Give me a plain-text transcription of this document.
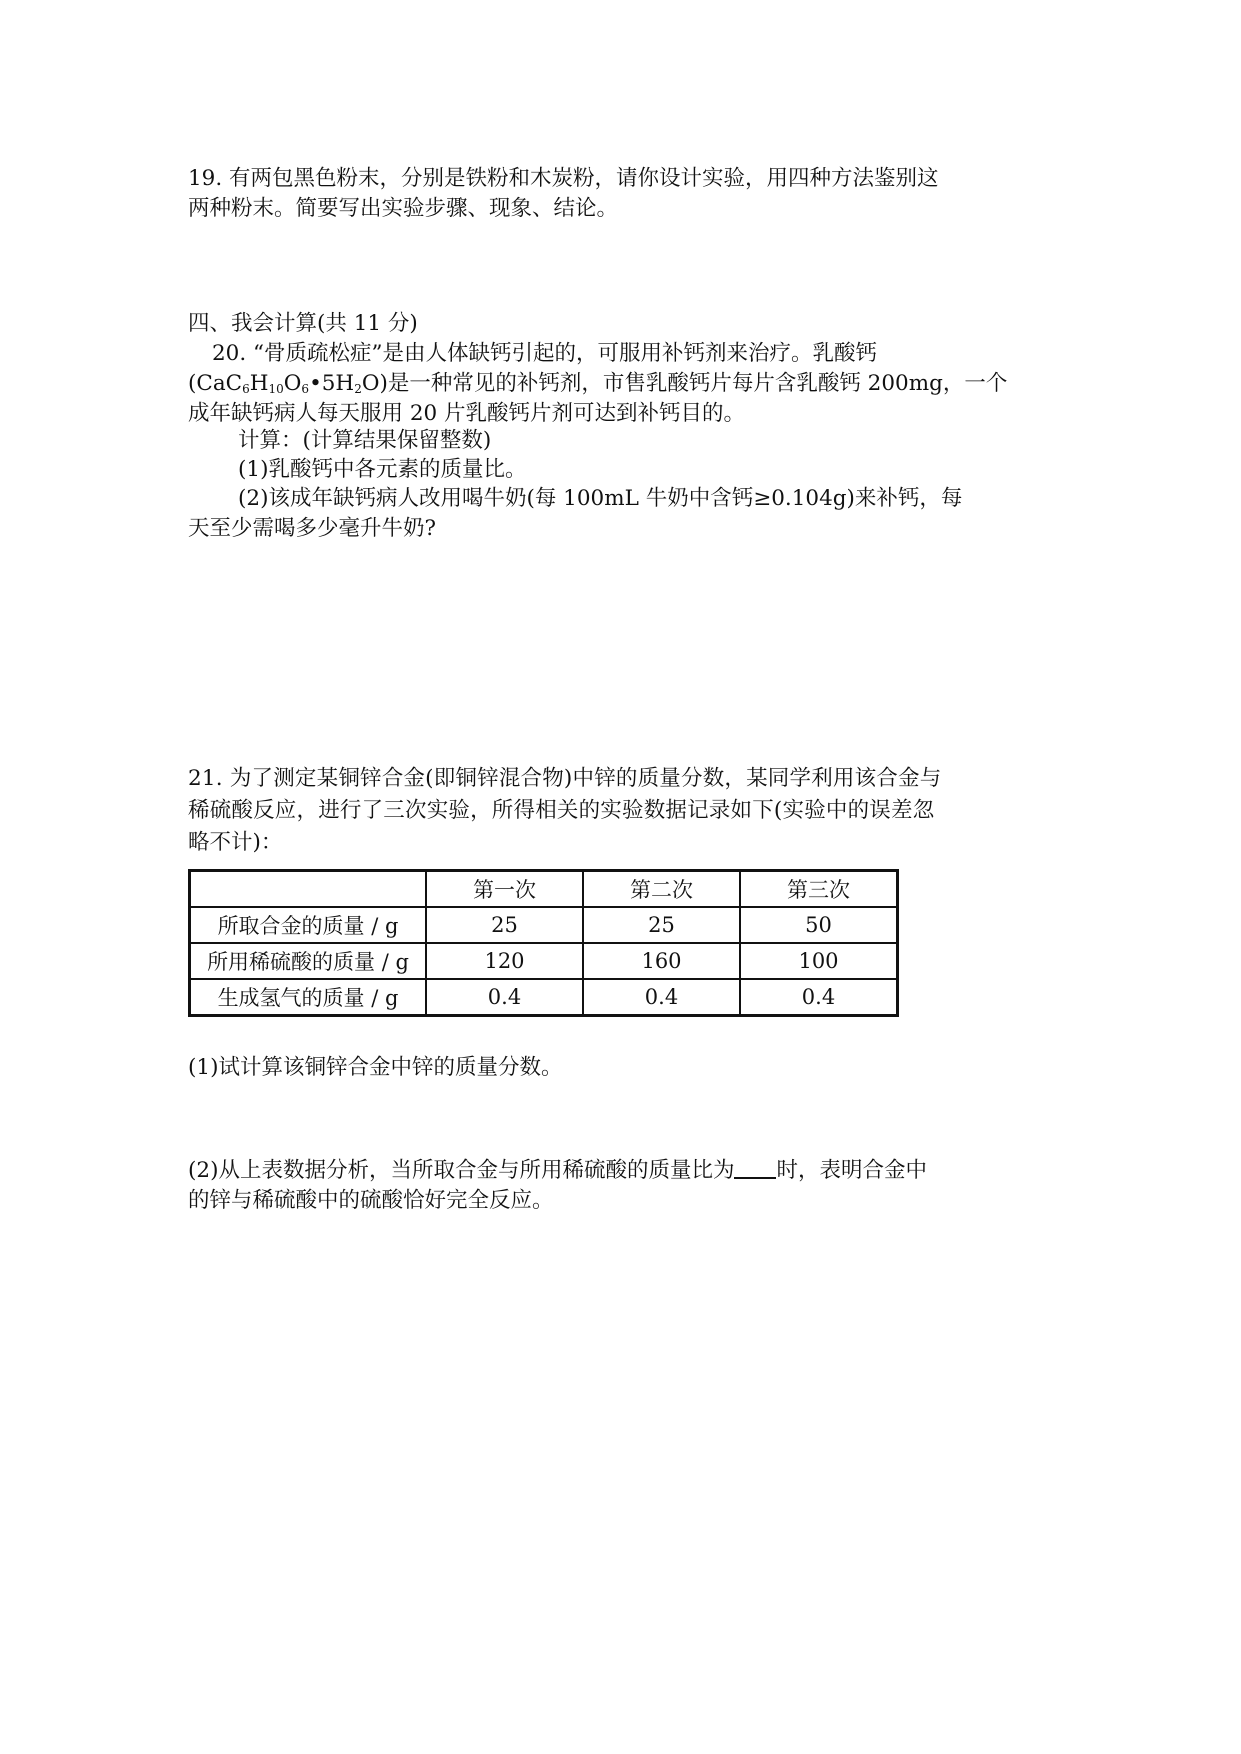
19. 有两包黑色粉末，分别是铁粉和木炭粉，请你设计实验，用四种方法鉴别这
两种粉末。简要写出实验步骤、现象、结论。
四、我会计算(共 11 分)
20. “骨质疏松症”是由人体缺钙引起的，可服用补钙剂来治疗。乳酸钙
$(CaC_6H_{10}O_6•5H_2O)$是一种常见的补钙剂，市售乳酸钙片每片含乳酸钙 200mg，一个
成年缺钙病人每天服用 20 片乳酸钙片剂可达到补钙目的。
计算：(计算结果保留整数)
(1)乳酸钙中各元素的质量比。
(2)该成年缺钙病人改用喝牛奶(每 100mL 牛奶中含钙≥0.104g)来补钙，每
天至少需喝多少毫升牛奶?
21. 为了测定某铜锌合金(即铜锌混合物)中锌的质量分数，某同学利用该合金与
稀硫酸反应，进行了三次实验，所得相关的实验数据记录如下(实验中的误差忽
略不计)：
	第一次	第二次	第三次
所取合金的质量 / g	25	25	50
所用稀硫酸的质量 / g	120	160	100
生成氢气的质量 / g	0.4	0.4	0.4
(1)试计算该铜锌合金中锌的质量分数。
(2)从上表数据分析，当所取合金与所用稀硫酸的质量比为 时，表明合金中
的锌与稀硫酸中的硫酸恰好完全反应。
